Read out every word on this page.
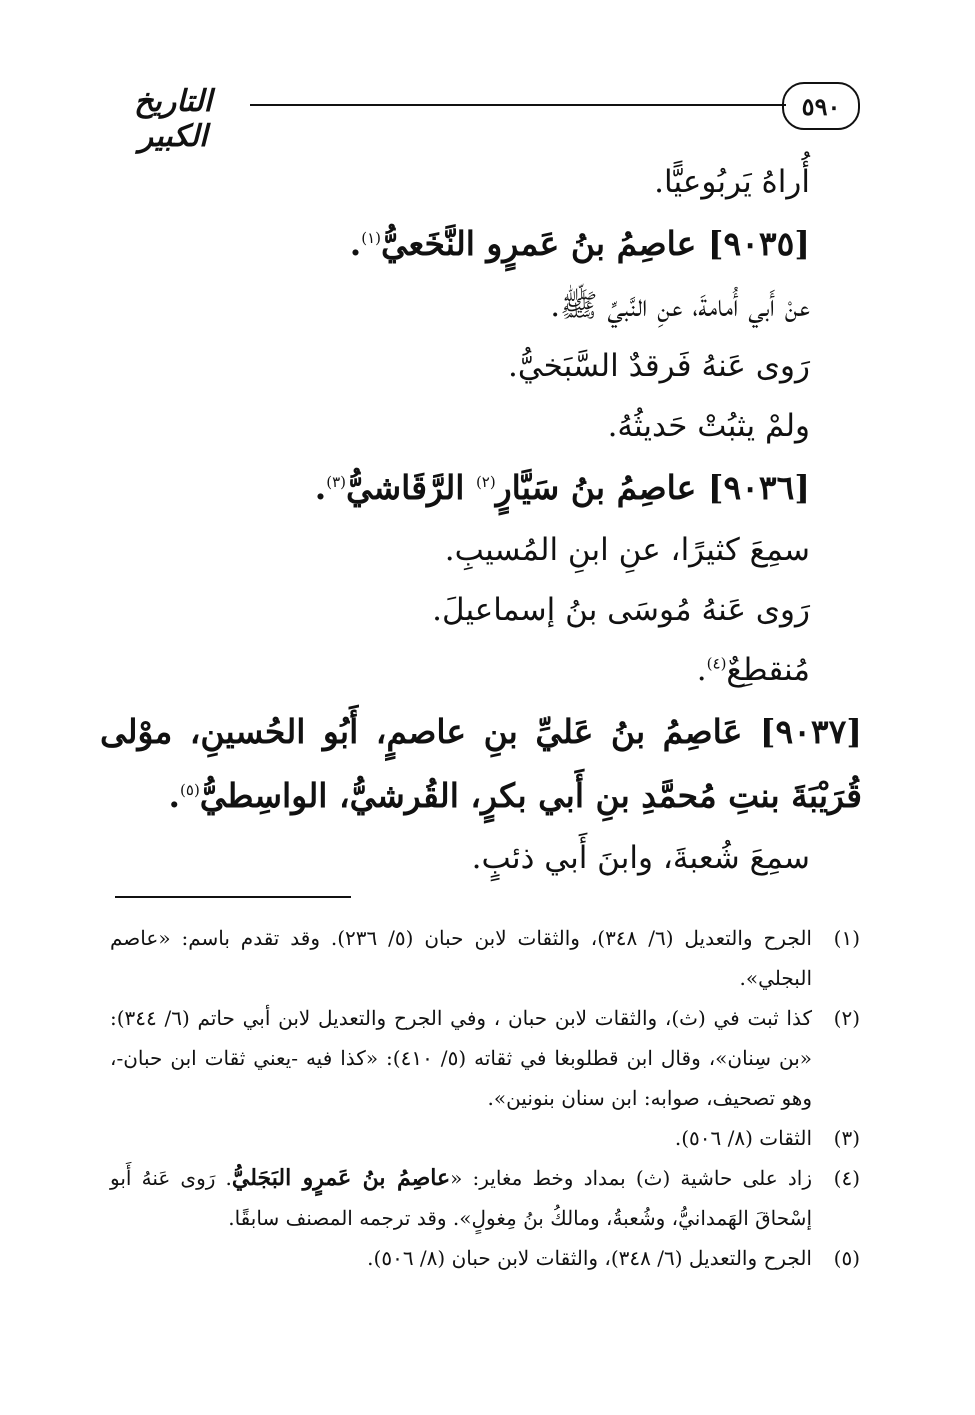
٥٩٠
التاريخ الكبير
أُراهُ يَربُوعيًّا.
[٩٠٣٥] عاصِمُ بنُ عَمرٍو النَّخَعيُّ$^{(١)}$.
عنْ أَبي أُمامةَ، عنِ النَّبيِّ ﷺ.
رَوى عَنهُ فَرقدٌ السَّبَخيُّ.
ولمْ يثبُتْ حَديثُهُ.
[٩٠٣٦] عاصِمُ بنُ سَيَّارٍ$^{(٢)}$ الرَّقَاشيُّ$^{(٣)}$.
سمِعَ كثيرًا، عنِ ابنِ المُسيبِ.
رَوى عَنهُ مُوسَى بنُ إسماعيلَ.
مُنقطِعٌ$^{(٤)}$.
[٩٠٣٧] عَاصِمُ بنُ عَليِّ بنِ عاصمٍ، أَبُو الحُسينِ، موْلى قُرَيْبَةَ بنتِ مُحمَّدِ بنِ أَبي بكرٍ، القُرشيُّ، الواسِطيُّ$^{(٥)}$.
سمِعَ شُعبةَ، وابنَ أَبي ذئبٍ.
(١)
الجرح والتعديل (٦/ ٣٤٨)، والثقات لابن حبان (٥/ ٢٣٦). وقد تقدم باسم: «عاصم البجلي».
(٢)
كذا ثبت في (ث)، والثقات لابن حبان ، وفي الجرح والتعديل لابن أبي حاتم (٦/ ٣٤٤): «بن سِنان»، وقال ابن قطلوبغا في ثقاته (٥/ ٤١٠): «كذا فيه -يعني ثقات ابن حبان-، وهو تصحيف، صوابه: ابن سنان بنونين».
(٣)
الثقات (٨/ ٥٠٦).
(٤)
زاد على حاشية (ث) بمداد وخط مغاير: «عاصِمُ بنُ عَمرٍو البَجَليُّ. رَوى عَنهُ أَبو إسْحاقَ الهَمدانيُّ، وشُعبةُ، ومالكُ بنُ مِغولٍ». وقد ترجمه المصنف سابقًا.
(٥)
الجرح والتعديل (٦/ ٣٤٨)، والثقات لابن حبان (٨/ ٥٠٦).
